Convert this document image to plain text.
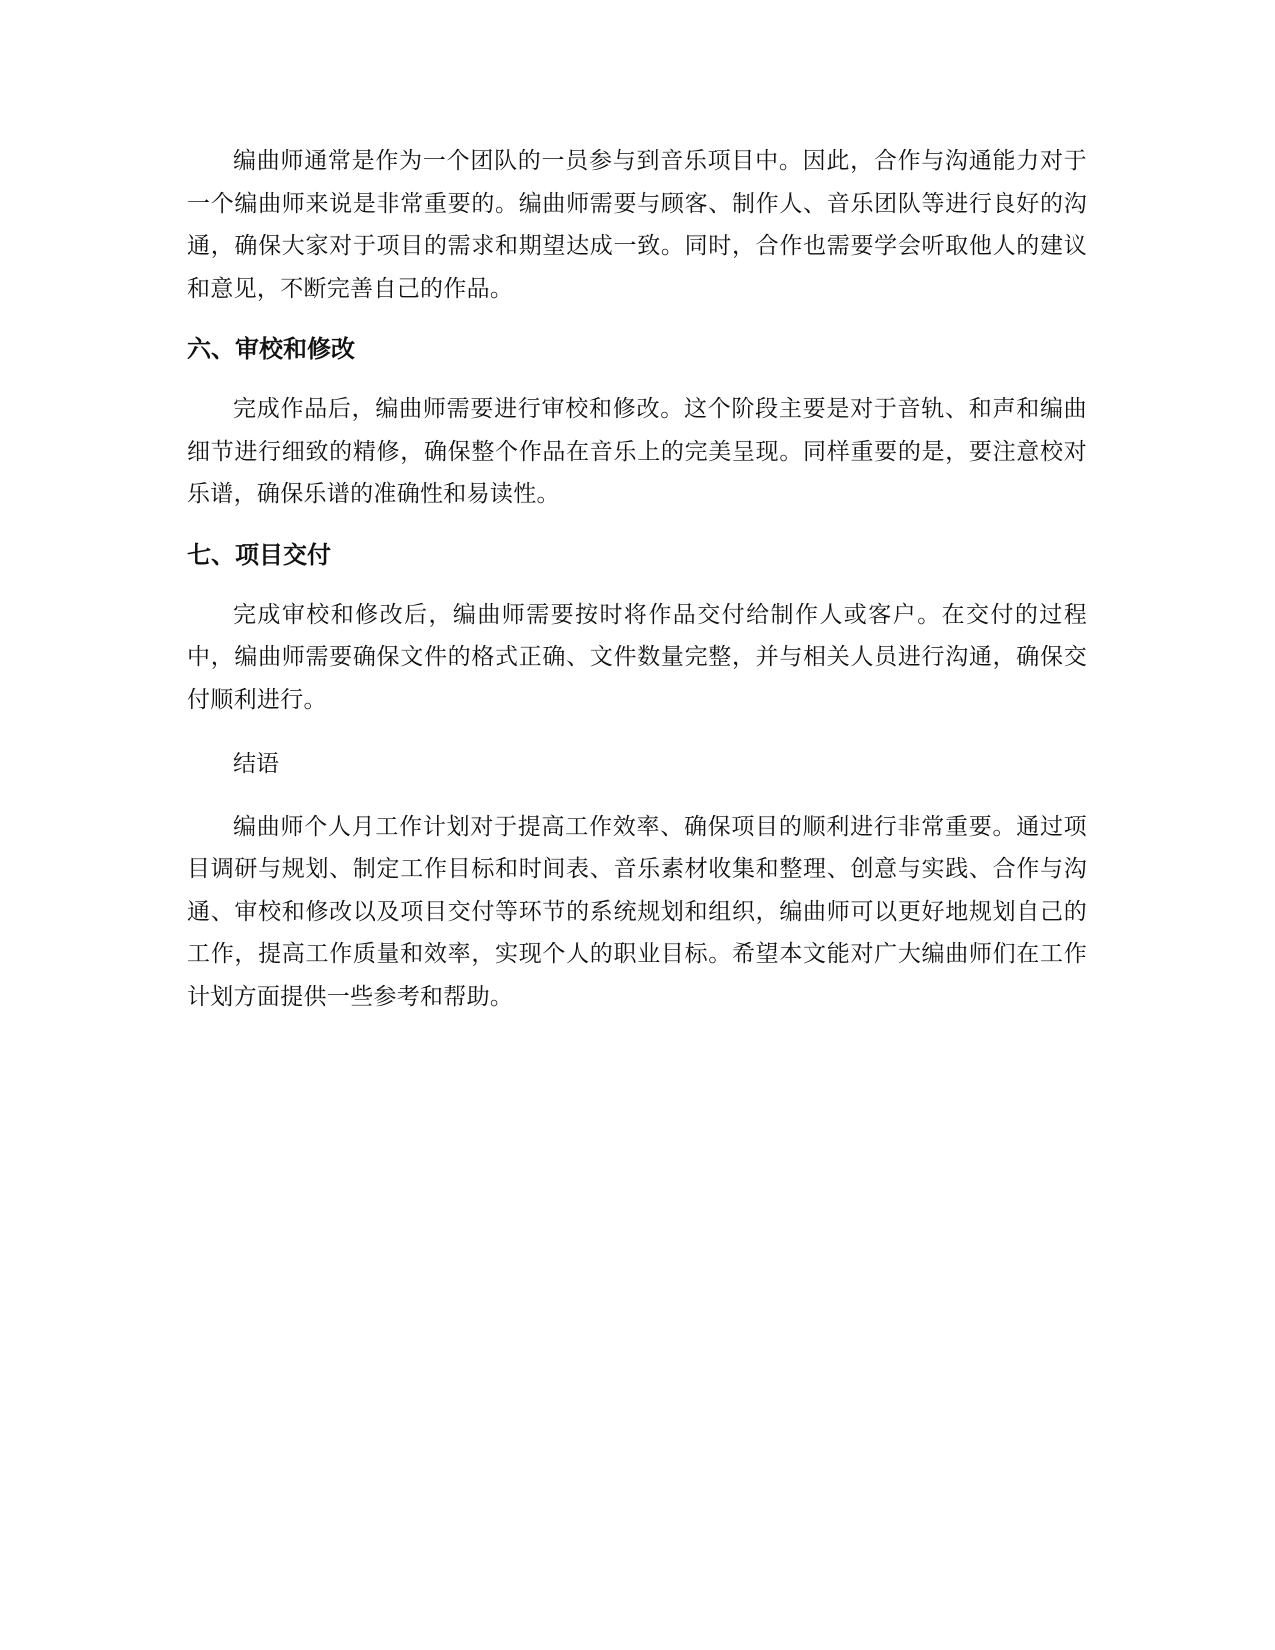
编曲师通常是作为一个团队的一员参与到音乐项目中。因此，合作与沟通能力对于一个编曲师来说是非常重要的。编曲师需要与顾客、制作人、音乐团队等进行良好的沟通，确保大家对于项目的需求和期望达成一致。同时，合作也需要学会听取他人的建议和意见，不断完善自己的作品。

六、审校和修改

完成作品后，编曲师需要进行审校和修改。这个阶段主要是对于音轨、和声和编曲细节进行细致的精修，确保整个作品在音乐上的完美呈现。同样重要的是，要注意校对乐谱，确保乐谱的准确性和易读性。

七、项目交付

完成审校和修改后，编曲师需要按时将作品交付给制作人或客户。在交付的过程中，编曲师需要确保文件的格式正确、文件数量完整，并与相关人员进行沟通，确保交付顺利进行。

结语

编曲师个人月工作计划对于提高工作效率、确保项目的顺利进行非常重要。通过项目调研与规划、制定工作目标和时间表、音乐素材收集和整理、创意与实践、合作与沟通、审校和修改以及项目交付等环节的系统规划和组织，编曲师可以更好地规划自己的工作，提高工作质量和效率，实现个人的职业目标。希望本文能对广大编曲师们在工作计划方面提供一些参考和帮助。
